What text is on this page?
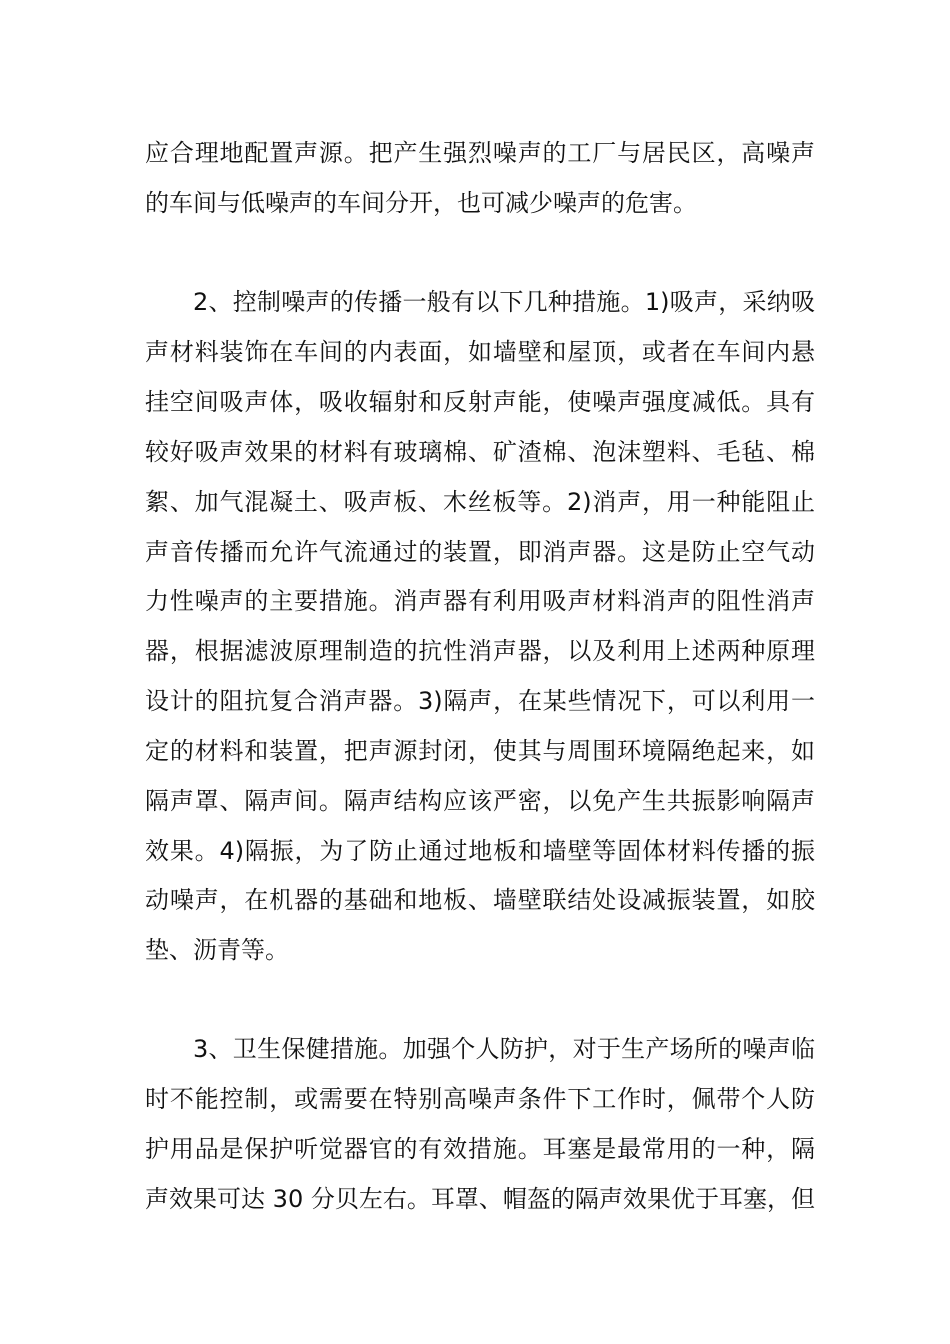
应合理地配置声源。把产生强烈噪声的工厂与居民区，高噪声
的车间与低噪声的车间分开，也可减少噪声的危害。
2、控制噪声的传播一般有以下几种措施。1)吸声，采纳吸
声材料装饰在车间的内表面，如墙壁和屋顶，或者在车间内悬
挂空间吸声体，吸收辐射和反射声能，使噪声强度减低。具有
较好吸声效果的材料有玻璃棉、矿渣棉、泡沫塑料、毛毡、棉
絮、加气混凝土、吸声板、木丝板等。2)消声，用一种能阻止
声音传播而允许气流通过的装置，即消声器。这是防止空气动
力性噪声的主要措施。消声器有利用吸声材料消声的阻性消声
器，根据滤波原理制造的抗性消声器，以及利用上述两种原理
设计的阻抗复合消声器。3)隔声，在某些情况下，可以利用一
定的材料和装置，把声源封闭，使其与周围环境隔绝起来，如
隔声罩、隔声间。隔声结构应该严密，以免产生共振影响隔声
效果。4)隔振，为了防止通过地板和墙壁等固体材料传播的振
动噪声，在机器的基础和地板、墙壁联结处设减振装置，如胶
垫、沥青等。
3、卫生保健措施。加强个人防护，对于生产场所的噪声临
时不能控制，或需要在特别高噪声条件下工作时，佩带个人防
护用品是保护听觉器官的有效措施。耳塞是最常用的一种，隔
声效果可达 30 分贝左右。耳罩、帽盔的隔声效果优于耳塞，但
